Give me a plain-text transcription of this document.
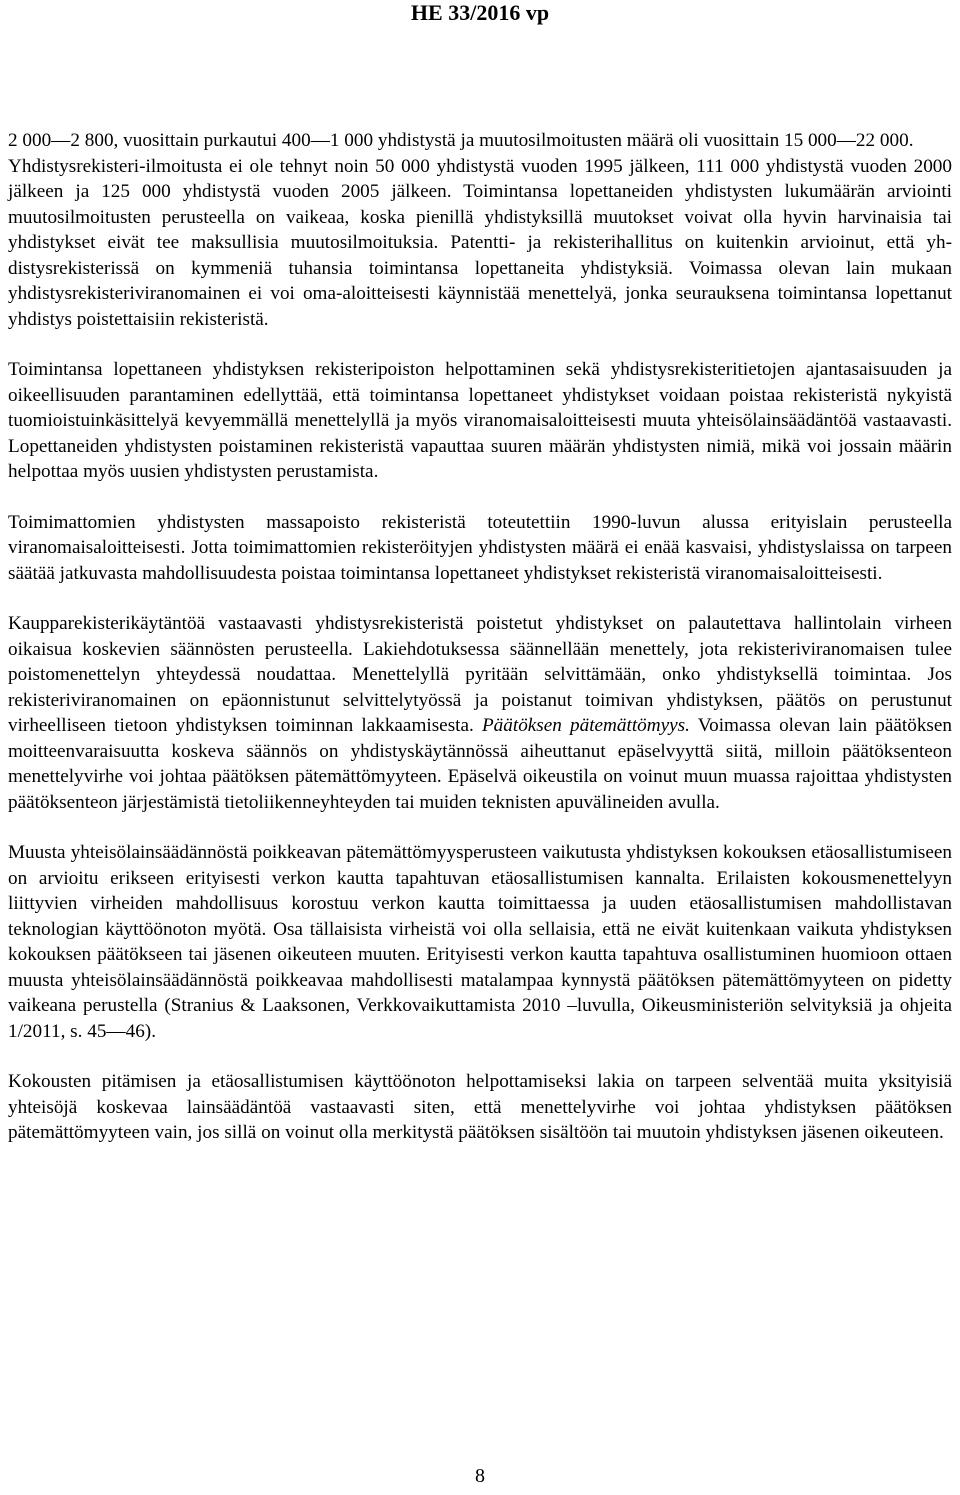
HE 33/2016 vp

2 000—2 800, vuosittain purkautui 400—1 000 yhdistystä ja muutosilmoitusten määrä oli vuosittain 15 000—22 000.

Yhdistysrekisteri-ilmoitusta ei ole tehnyt noin 50 000 yhdistystä vuoden 1995 jälkeen, 111 000 yhdistystä vuoden 2000 jälkeen ja 125 000 yhdistystä vuoden 2005 jälkeen. Toimintansa lopettaneiden yhdistysten lukumäärän arviointi muutosilmoitusten perusteella on vaikeaa, koska pienillä yhdistyksillä muutokset voivat olla hyvin harvinaisia tai yhdistykset eivät tee maksullisia muutosilmoituksia. Patentti- ja rekisterihallitus on kuitenkin arvioinut, että yhdistysrekisterissä on kymmeniä tuhansia toimintansa lopettaneita yhdistyksiä. Voimassa olevan lain mukaan yhdistysrekisteriviranomainen ei voi oma-aloitteisesti käynnistää menettelyä, jonka seurauksena toimintansa lopettanut yhdistys poistettaisiin rekisteristä.

Toimintansa lopettaneen yhdistyksen rekisteripoiston helpottaminen sekä yhdistysrekisteritietojen ajantasaisuuden ja oikeellisuuden parantaminen edellyttää, että toimintansa lopettaneet yhdistykset voidaan poistaa rekisteristä nykyistä tuomioistuinkäsittelyä kevyemmällä menettelyllä ja myös viranomaisaloitteisesti muuta yhteisölainsäädäntöä vastaavasti. Lopettaneiden yhdistysten poistaminen rekisteristä vapauttaa suuren määrän yhdistysten nimiä, mikä voi jossain määrin helpottaa myös uusien yhdistysten perustamista.

Toimimattomien yhdistysten massapoisto rekisteristä toteutettiin 1990-luvun alussa erityislain perusteella viranomaisaloitteisesti. Jotta toimimattomien rekisteröityjen yhdistysten määrä ei enää kasvaisi, yhdistyslaissa on tarpeen säätää jatkuvasta mahdollisuudesta poistaa toimintansa lopettaneet yhdistykset rekisteristä viranomaisaloitteisesti.

Kaupparekisterikäytäntöä vastaavasti yhdistysrekisteristä poistetut yhdistykset on palautettava hallintolain virheen oikaisua koskevien säännösten perusteella. Lakiehdotuksessa säännellään menettely, jota rekisteriviranomaisen tulee poistomenettelyn yhteydessä noudattaa. Menettelyllä pyritään selvittämään, onko yhdistyksellä toimintaa. Jos rekisteriviranomainen on epäonnistunut selvittelytyössä ja poistanut toimivan yhdistyksen, päätös on perustunut virheelliseen tietoon yhdistyksen toiminnan lakkaamisesta. Päätöksen pätemättömyys. Voimassa olevan lain päätöksen moitteenvaraisuutta koskeva säännös on yhdistyskäytännössä aiheuttanut epäselvyyttä siitä, milloin päätöksenteon menettelyvirhe voi johtaa päätöksen pätemättömyyteen. Epäselvä oikeustila on voinut muun muassa rajoittaa yhdistysten päätöksenteon järjestämistä tietoliikenneyhteyden tai muiden teknisten apuvälineiden avulla.

Muusta yhteisölainsäädännöstä poikkeavan pätemättömyysperusteen vaikutusta yhdistyksen kokouksen etäosallistumiseen on arvioitu erikseen erityisesti verkon kautta tapahtuvan etäosallistumisen kannalta. Erilaisten kokousmenettelyyn liittyvien virheiden mahdollisuus korostuu verkon kautta toimittaessa ja uuden etäosallistumisen mahdollistavan teknologian käyttöönoton myötä. Osa tällaisista virheistä voi olla sellaisia, että ne eivät kuitenkaan vaikuta yhdistyksen kokouksen päätökseen tai jäsenen oikeuteen muuten. Erityisesti verkon kautta tapahtuva osallistuminen huomioon ottaen muusta yhteisölainsäädännöstä poikkeavaa mahdollisesti matalampaa kynnystä päätöksen pätemättömyyteen on pidetty vaikeana perustella (Stranius & Laaksonen, Verkkovaikuttamista 2010 –luvulla, Oikeusministeriön selvityksiä ja ohjeita 1/2011, s. 45—46).

Kokousten pitämisen ja etäosallistumisen käyttöönoton helpottamiseksi lakia on tarpeen selventää muita yksityisiä yhteisöjä koskevaa lainsäädäntöä vastaavasti siten, että menettelyvirhe voi johtaa yhdistyksen päätöksen pätemättömyyteen vain, jos sillä on voinut olla merkitystä päätöksen sisältöön tai muutoin yhdistyksen jäsenen oikeuteen.

8
